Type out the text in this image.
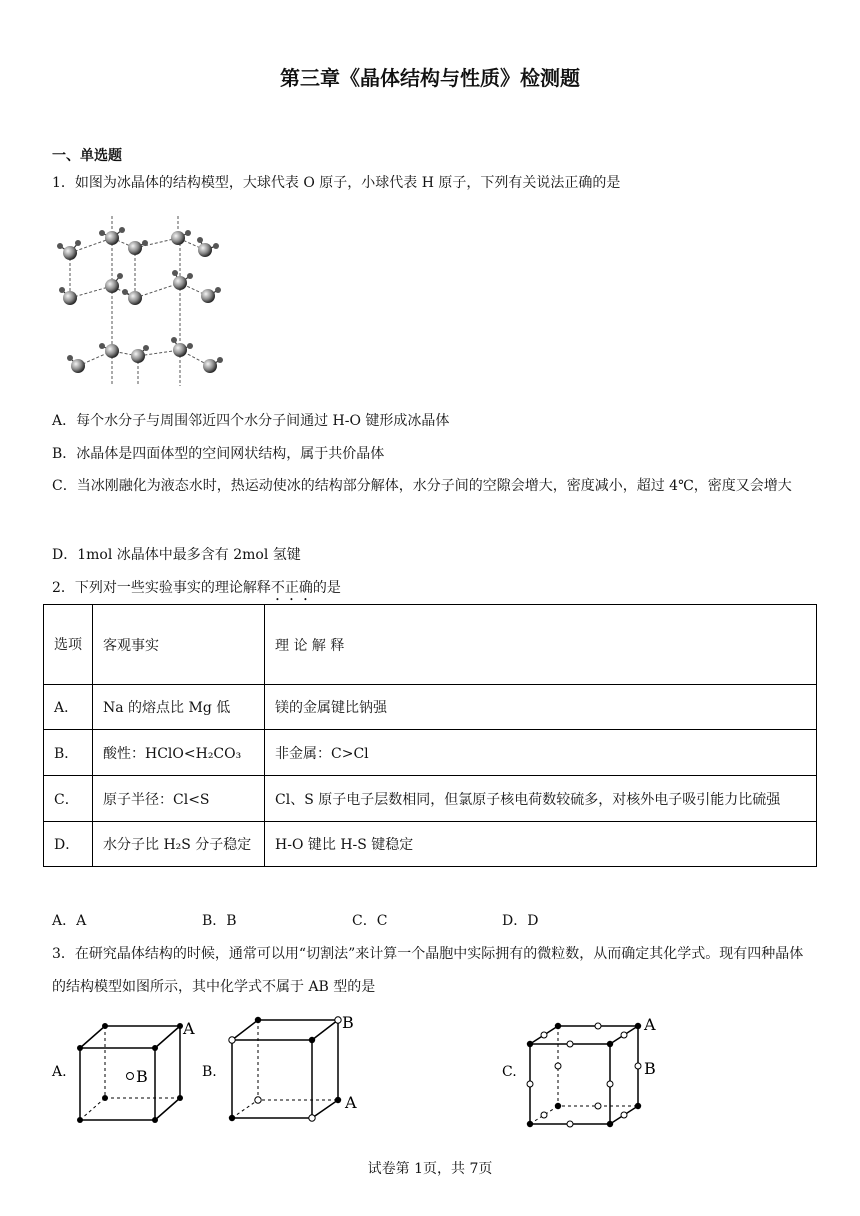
第三章《晶体结构与性质》检测题
一、单选题
1．如图为冰晶体的结构模型，大球代表 O 原子，小球代表 H 原子，下列有关说法正确的是
A．每个水分子与周围邻近四个水分子间通过 H-O 键形成冰晶体
B．冰晶体是四面体型的空间网状结构，属于共价晶体
C．当冰刚融化为液态水时，热运动使冰的结构部分解体，水分子间的空隙会增大，密度减小，超过 4℃，密度又会增大
D．1mol 冰晶体中最多含有 2mol 氢键
2．下列对一些实验事实的理论解释不正确的是
选项	客观事实	理 论 解 释
A．	Na 的熔点比 Mg 低	镁的金属键比钠强
B．	酸性：HClO<H₂CO₃	非金属：C>Cl
C．	原子半径：Cl<S	Cl、S 原子电子层数相同，但氯原子核电荷数较硫多，对核外电子吸引能力比硫强
D．	水分子比 H₂S 分子稳定	H-O 键比 H-S 键稳定
A．A	B．B	C．C	D．D
3．在研究晶体结构的时候，通常可以用“切割法”来计算一个晶胞中实际拥有的微粒数，从而确定其化学式。现有四种晶体的结构模型如图所示，其中化学式不属于 AB 型的是
A.	B
A
B.
B
A
C.
A
B
试卷第 1页，共 7页
